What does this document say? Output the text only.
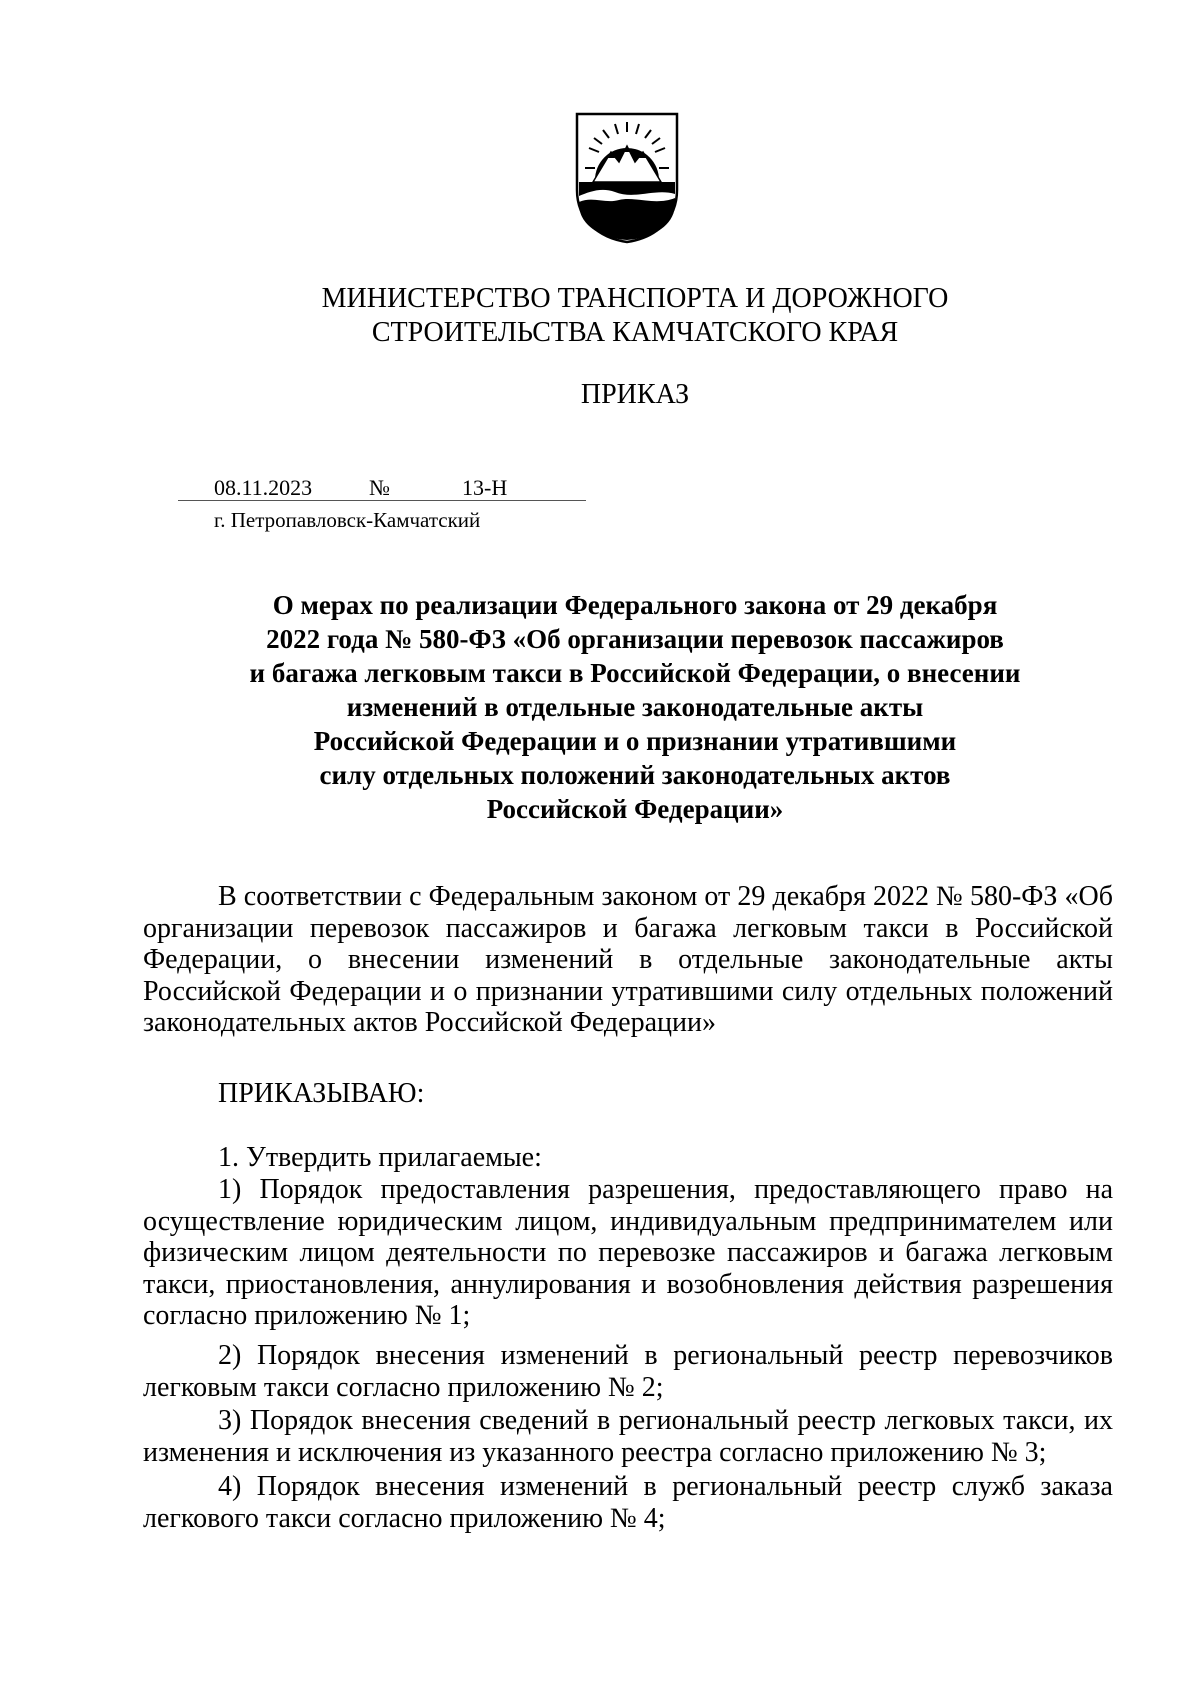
МИНИСТЕРСТВО ТРАНСПОРТА И ДОРОЖНОГО
СТРОИТЕЛЬСТВА КАМЧАТСКОГО КРАЯ
ПРИКАЗ
08.11.2023	№	13-Н
г. Петропавловск-Камчатский
О мерах по реализации Федерального закона от 29 декабря
2022 года № 580-ФЗ «Об организации перевозок пассажиров
и багажа легковым такси в Российской Федерации, о внесении
изменений в отдельные законодательные акты
Российской Федерации и о признании утратившими
силу отдельных положений законодательных актов
Российской Федерации»
В соответствии с Федеральным законом от 29 декабря 2022 № 580-ФЗ «Об
организации перевозок пассажиров и багажа легковым такси в Российской
Федерации, о внесении изменений в отдельные законодательные акты
Российской Федерации и о признании утратившими силу отдельных положений
законодательных актов Российской Федерации»
ПРИКАЗЫВАЮ:
1. Утвердить прилагаемые:
1) Порядок предоставления разрешения, предоставляющего право на
осуществление юридическим лицом, индивидуальным предпринимателем или
физическим лицом деятельности по перевозке пассажиров и багажа легковым
такси, приостановления, аннулирования и возобновления действия разрешения
согласно приложению № 1;
2) Порядок внесения изменений в региональный реестр перевозчиков
легковым такси согласно приложению № 2;
3) Порядок внесения сведений в региональный реестр легковых такси, их
изменения и исключения из указанного реестра согласно приложению № 3;
4) Порядок внесения изменений в региональный реестр служб заказа
легкового такси согласно приложению № 4;
